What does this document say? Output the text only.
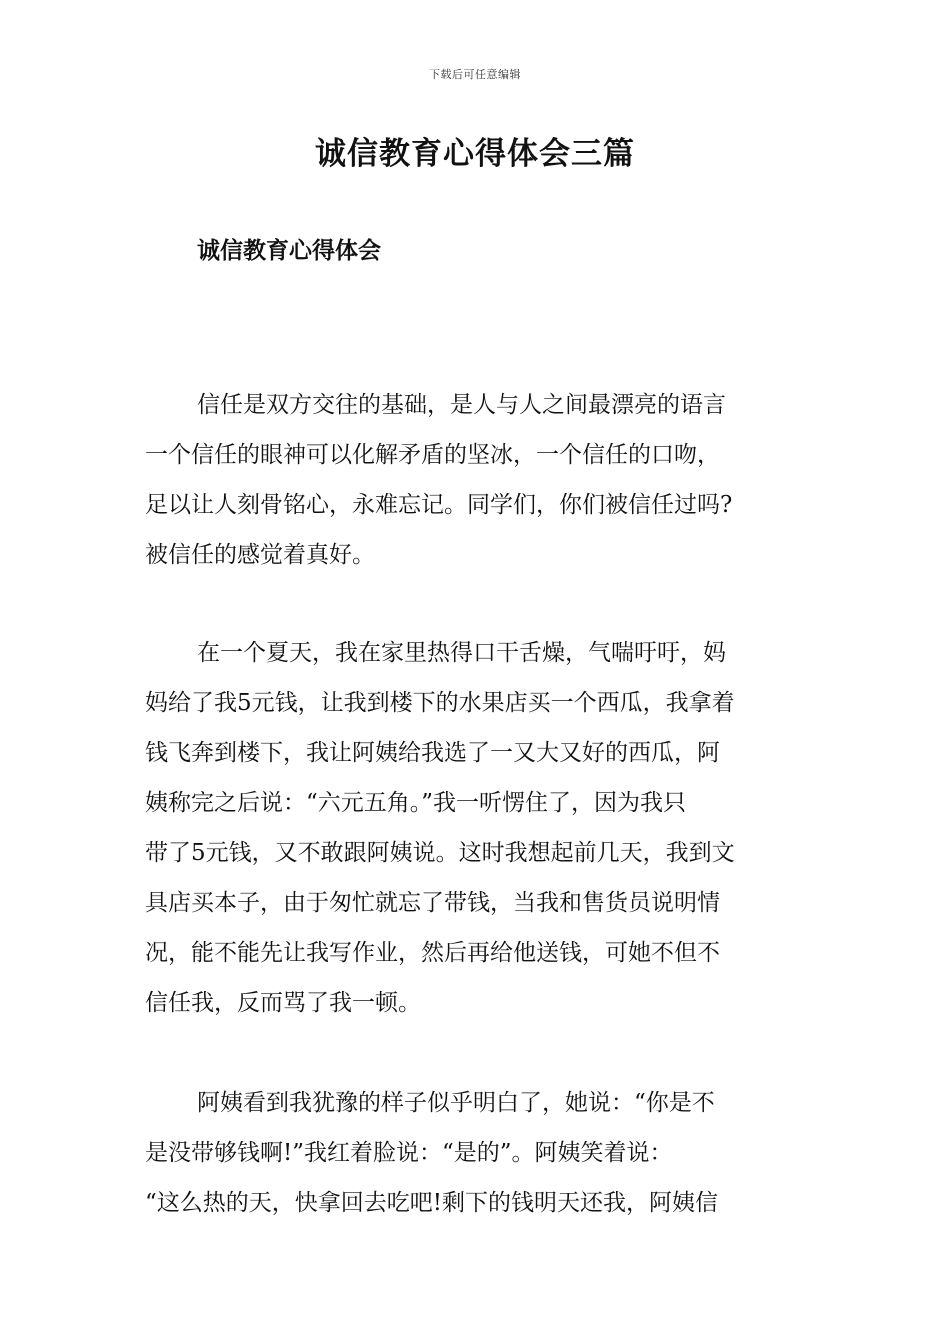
下载后可任意编辑
诚信教育心得体会三篇
诚信教育心得体会
信任是双方交往的基础，是人与人之间最漂亮的语言
一个信任的眼神可以化解矛盾的坚冰，一个信任的口吻，
足以让人刻骨铭心，永难忘记。同学们，你们被信任过吗?
被信任的感觉着真好。
在一个夏天，我在家里热得口干舌燥，气喘吁吁，妈
妈给了我5元钱，让我到楼下的水果店买一个西瓜，我拿着
钱飞奔到楼下，我让阿姨给我选了一又大又好的西瓜，阿
姨称完之后说：“六元五角。”我一听愣住了，因为我只
带了5元钱，又不敢跟阿姨说。这时我想起前几天，我到文
具店买本子，由于匆忙就忘了带钱，当我和售货员说明情
况，能不能先让我写作业，然后再给他送钱，可她不但不
信任我，反而骂了我一顿。
阿姨看到我犹豫的样子似乎明白了，她说：“你是不
是没带够钱啊!”我红着脸说：“是的”。阿姨笑着说：
“这么热的天，快拿回去吃吧!剩下的钱明天还我，阿姨信
